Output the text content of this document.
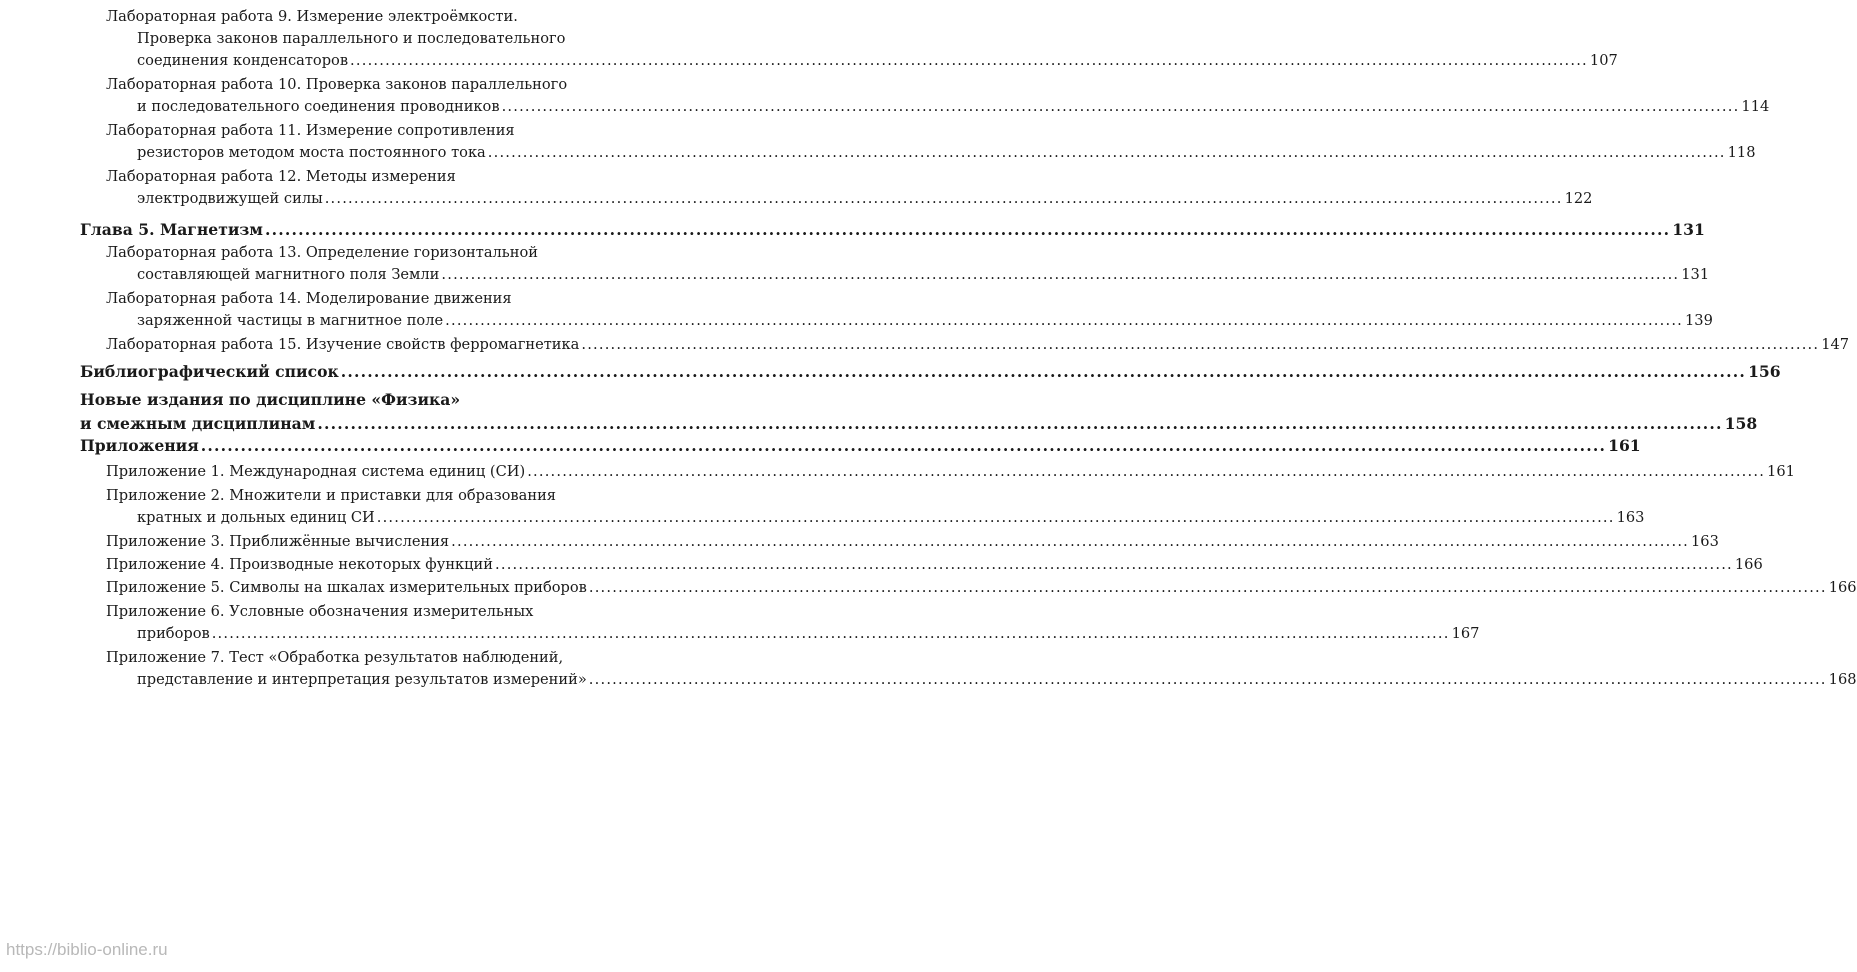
Лабораторная работа 9. Измерение электроёмкости.
Проверка законов параллельного и последовательного
соединения конденсаторов .....	107
Лабораторная работа 10. Проверка законов параллельного
и последовательного соединения проводников .....	114
Лабораторная работа 11. Измерение сопротивления
резисторов методом моста постоянного тока .....	118
Лабораторная работа 12. Методы измерения
электродвижущей силы .....	122
Глава 5. Магнетизм .....	131
Лабораторная работа 13. Определение горизонтальной
составляющей магнитного поля Земли .....	131
Лабораторная работа 14. Моделирование движения
заряженной частицы в магнитное поле .....	139
Лабораторная работа 15. Изучение свойств ферромагнетика .....	147
Библиографический список .....	156
Новые издания по дисциплине «Физика»
и смежным дисциплинам .....	158
Приложения .....	161
Приложение 1. Международная система единиц (СИ) .....	161
Приложение 2. Множители и приставки для образования
кратных и дольных единиц СИ .....	163
Приложение 3. Приближённые вычисления .....	163
Приложение 4. Производные некоторых функций .....	166
Приложение 5. Символы на шкалах измерительных приборов .....	166
Приложение 6. Условные обозначения измерительных
приборов .....	167
Приложение 7. Тест «Обработка результатов наблюдений,
представление и интерпретация результатов измерений» .....	168
https://biblio-online.ru
